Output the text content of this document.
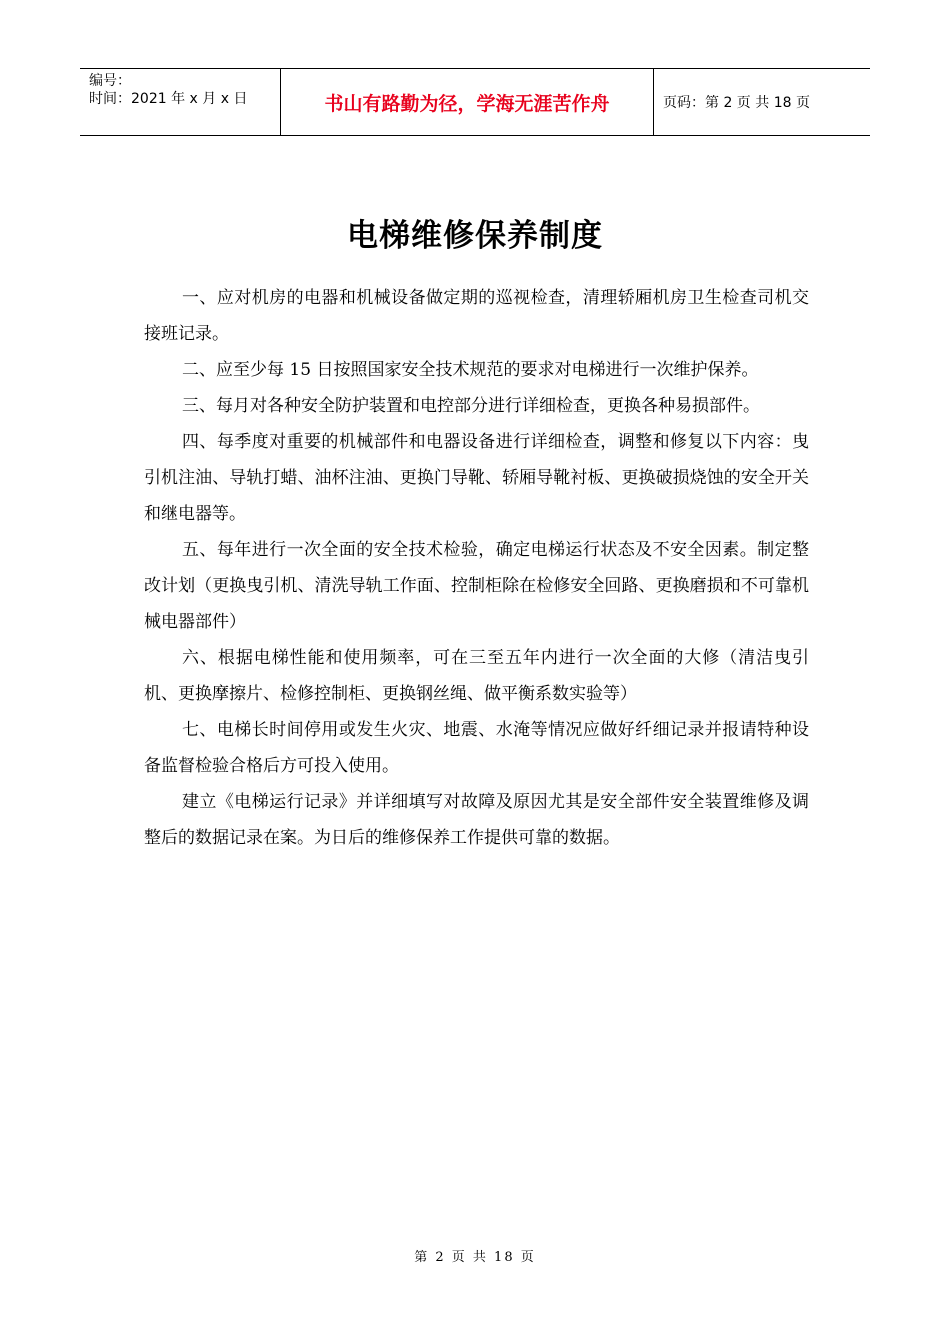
编号：
时间：2021 年 x 月 x 日	书山有路勤为径，学海无涯苦作舟	页码：第 2 页 共 18 页
电梯维修保养制度

一、应对机房的电器和机械设备做定期的巡视检查，清理轿厢机房卫生检查司机交接班记录。

二、应至少每 15 日按照国家安全技术规范的要求对电梯进行一次维护保养。

三、每月对各种安全防护装置和电控部分进行详细检查，更换各种易损部件。

四、每季度对重要的机械部件和电器设备进行详细检查，调整和修复以下内容：曳引机注油、导轨打蜡、油杯注油、更换门导靴、轿厢导靴衬板、更换破损烧蚀的安全开关和继电器等。

五、每年进行一次全面的安全技术检验，确定电梯运行状态及不安全因素。制定整改计划（更换曳引机、清洗导轨工作面、控制柜除在检修安全回路、更换磨损和不可靠机械电器部件）

六、根据电梯性能和使用频率，可在三至五年内进行一次全面的大修（清洁曳引机、更换摩擦片、检修控制柜、更换钢丝绳、做平衡系数实验等）

七、电梯长时间停用或发生火灾、地震、水淹等情况应做好纤细记录并报请特种设备监督检验合格后方可投入使用。

建立《电梯运行记录》并详细填写对故障及原因尤其是安全部件安全装置维修及调整后的数据记录在案。为日后的维修保养工作提供可靠的数据。

第 2 页 共 18 页
